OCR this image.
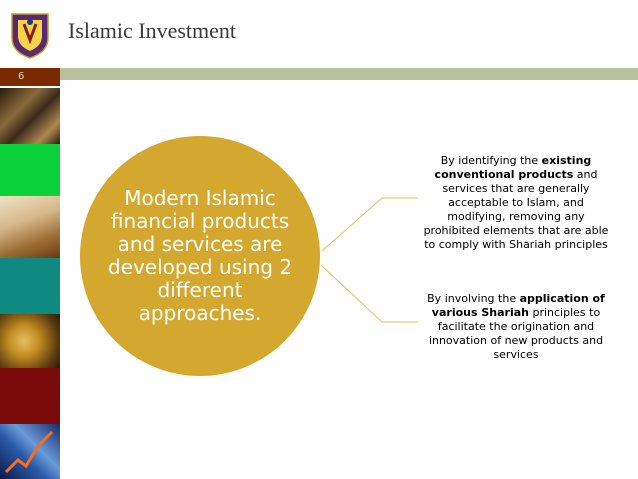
Islamic Investment
6
Modern Islamic financial products and services are developed using 2 different approaches.
By identifying the existing conventional products and services that are generally acceptable to Islam, and modifying, removing any prohibited elements that are able to comply with Shariah principles
By involving the application of various Shariah principles to facilitate the origination and innovation of new products and services
